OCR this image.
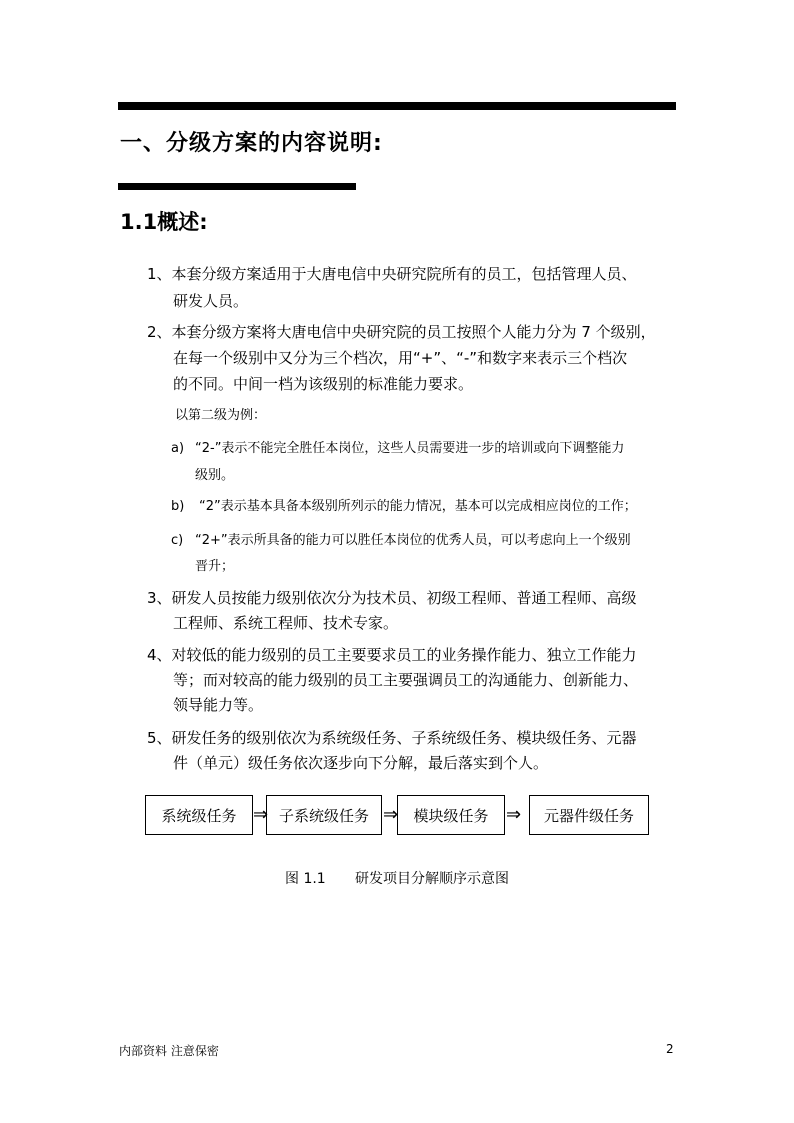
一、分级方案的内容说明:
1.1概述:
1、本套分级方案适用于大唐电信中央研究院所有的员工，包括管理人员、
研发人员。
2、本套分级方案将大唐电信中央研究院的员工按照个人能力分为 7 个级别，
在每一个级别中又分为三个档次，用“+”、“-”和数字来表示三个档次
的不同。中间一档为该级别的标准能力要求。
以第二级为例：
a) “2-”表示不能完全胜任本岗位，这些人员需要进一步的培训或向下调整能力
级别。
b) “2”表示基本具备本级别所列示的能力情况，基本可以完成相应岗位的工作；
c) “2+”表示所具备的能力可以胜任本岗位的优秀人员，可以考虑向上一个级别
晋升；
3、研发人员按能力级别依次分为技术员、初级工程师、普通工程师、高级
工程师、系统工程师、技术专家。
4、对较低的能力级别的员工主要要求员工的业务操作能力、独立工作能力
等；而对较高的能力级别的员工主要强调员工的沟通能力、创新能力、
领导能力等。
5、研发任务的级别依次为系统级任务、子系统级任务、模块级任务、元器
件（单元）级任务依次逐步向下分解，最后落实到个人。
系统级任务 ⇒ 子系统级任务 ⇒	模块级任务 ⇒	元器件级任务
图 1.1 研发项目分解顺序示意图
内部资料 注意保密	2
